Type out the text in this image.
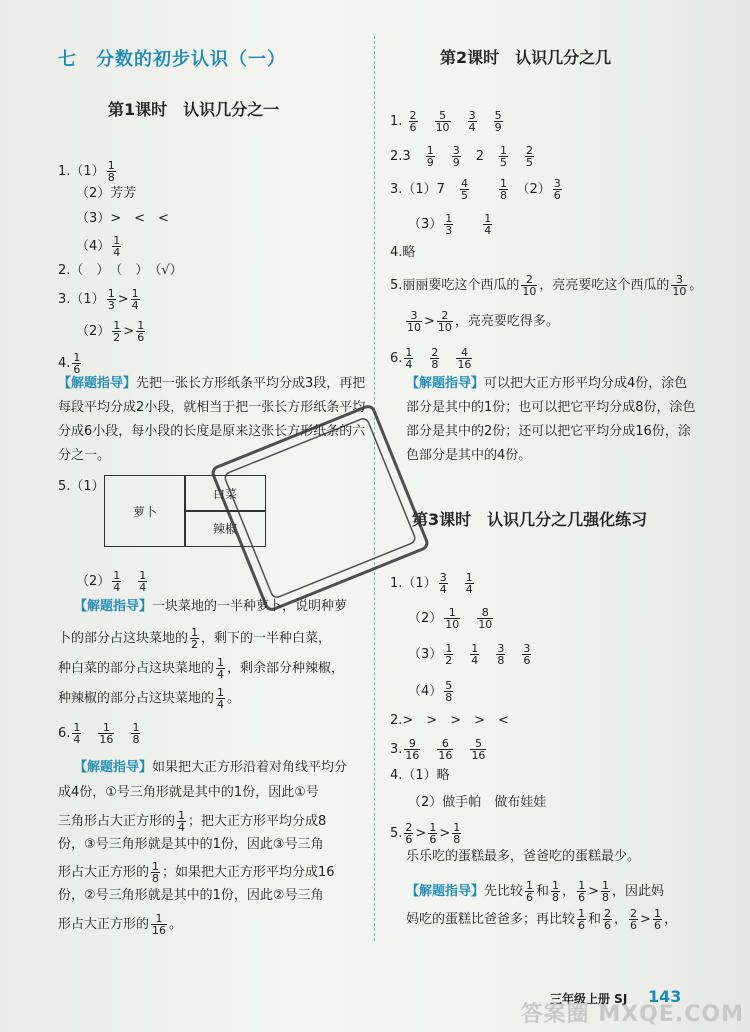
七　分数的初步认识（一）
第1课时　认识几分之一
$1.(1) \frac{1}{8}$
（2）芳芳
（3）>　<　<
$(4) \frac{1}{4}$
2.（　）　（　）　（√）
$3.(1) \frac{1}{3} > \frac{1}{4}$
$(2) \frac{1}{2} > \frac{1}{6}$
4. $\frac{1}{6}$
【解题指导】先把一张长方形纸条平均分成3段，再把每段平均分成2小段，就相当于把一张长方形纸条平均分成6小段，每小段的长度是原来这张长方形纸条的六分之一。
5.（1）
萝卜
白菜
辣椒
$(2) \frac{1}{4}$
　 $\frac{1}{4}$
【解题指导】一块菜地的一半种萝卜，说明种萝
卜的部分占这块菜地的 $\frac{1}{2}$ ，剩下的一半种白菜，
种白菜的部分占这块菜地的 $\frac{1}{4}$ ，剩余部分种辣椒，
种辣椒的部分占这块菜地的 $\frac{1}{4}$ 。
6. $\frac{1}{4}$
　 $\frac{1}{16}$
　 $\frac{1}{8}$
【解题指导】如果把大正方形沿着对角线平均分
成4份，①号三角形就是其中的1份，因此①号
三角形占大正方形的 $\frac{1}{4}$ ；把大正方形平均分成8
份，③号三角形就是其中的1份，因此③号三角
形占大正方形的 $\frac{1}{8}$ ；如果把大正方形平均分成16
份，②号三角形就是其中的1份，因此②号三角
形占大正方形的 $\frac{1}{16}$ 。
第2课时　认识几分之几
1. $\frac{2}{6}$
　 $\frac{5}{10}$
　 $\frac{3}{4}$
　 $\frac{5}{9}$
2.3　 $\frac{1}{9}$
　 $\frac{3}{9}$
　 2　 $\frac{1}{5}$
　 $\frac{2}{5}$
3.（1）7　 $\frac{4}{5}$
　　	$\frac{1}{8}$
　 $(2) \frac{3}{6}$
$(3) \frac{1}{3}$
　　	$\frac{1}{4}$
4.略
5.丽丽要吃这个西瓜的 $\frac{2}{10}$ ，亮亮要吃这个西瓜的 $\frac{3}{10}$ 。
$\frac{3}{10} > \frac{2}{10}$ ，亮亮要吃得多。
6. $\frac{1}{4}$
　 $\frac{2}{8}$
　 $\frac{4}{16}$
【解题指导】可以把大正方形平均分成4份，涂色部分是其中的1份；也可以把它平均分成8份，涂色部分是其中的2份；还可以把它平均分成16份，涂色部分是其中的4份。
第3课时　认识几分之几强化练习
$1.(1) \frac{3}{4}$
　 $\frac{1}{4}$
$(2) \frac{1}{10}$
　 $\frac{8}{10}$
$(3) \frac{1}{2}$
　 $\frac{1}{4}$
　 $\frac{3}{8}$
　 $\frac{3}{6}$
$(4) \frac{5}{8}$
2.>　>　>　>　<
3. $\frac{9}{16}$
　 $\frac{6}{16}$
　 $\frac{5}{16}$
4.（1）略
（2）做手帕　做布娃娃
5. $\frac{2}{6} > \frac{1}{6} > \frac{1}{8}$
乐乐吃的蛋糕最多，爸爸吃的蛋糕最少。
【解题指导】先比较 $\frac{1}{6}$ 和 $\frac{1}{8}$ ， $\frac{1}{6} > \frac{1}{8}$ ，因此妈
妈吃的蛋糕比爸爸多；再比较 $\frac{1}{6}$ 和 $\frac{2}{6}$ ， $\frac{2}{6} > \frac{1}{6}$ ，
三年级上册 SJ 143
答案圈 MXQE.COM
